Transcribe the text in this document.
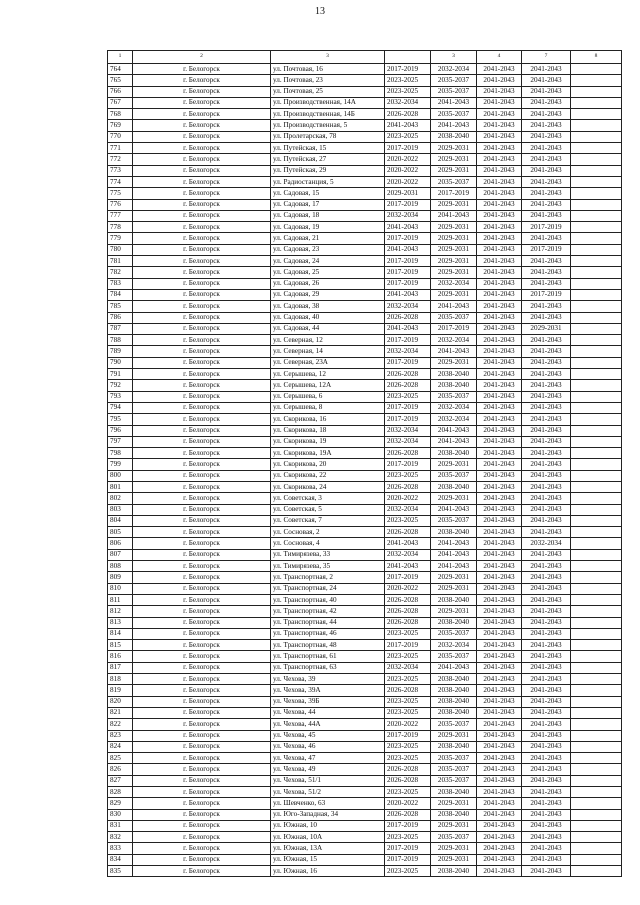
13
1	2	3		3	4	7	8
764	г. Белогорск	ул. Почтовая, 16	2017-2019	2032-2034	2041-2043	2041-2043	
765	г. Белогорск	ул. Почтовая, 23	2023-2025	2035-2037	2041-2043	2041-2043	
766	г. Белогорск	ул. Почтовая, 25	2023-2025	2035-2037	2041-2043	2041-2043	
767	г. Белогорск	ул. Производственная, 14А	2032-2034	2041-2043	2041-2043	2041-2043	
768	г. Белогорск	ул. Производственная, 14Б	2026-2028	2035-2037	2041-2043	2041-2043	
769	г. Белогорск	ул. Производственная, 5	2041-2043	2041-2043	2041-2043	2041-2043	
770	г. Белогорск	ул. Пролетарская, 78	2023-2025	2038-2040	2041-2043	2041-2043	
771	г. Белогорск	ул. Путейская, 15	2017-2019	2029-2031	2041-2043	2041-2043	
772	г. Белогорск	ул. Путейская, 27	2020-2022	2029-2031	2041-2043	2041-2043	
773	г. Белогорск	ул. Путейская, 29	2020-2022	2029-2031	2041-2043	2041-2043	
774	г. Белогорск	ул. Радиостанция, 5	2020-2022	2035-2037	2041-2043	2041-2043	
775	г. Белогорск	ул. Садовая, 15	2029-2031	2017-2019	2041-2043	2041-2043	
776	г. Белогорск	ул. Садовая, 17	2017-2019	2029-2031	2041-2043	2041-2043	
777	г. Белогорск	ул. Садовая, 18	2032-2034	2041-2043	2041-2043	2041-2043	
778	г. Белогорск	ул. Садовая, 19	2041-2043	2029-2031	2041-2043	2017-2019	
779	г. Белогорск	ул. Садовая, 21	2017-2019	2029-2031	2041-2043	2041-2043	
780	г. Белогорск	ул. Садовая, 23	2041-2043	2029-2031	2041-2043	2017-2019	
781	г. Белогорск	ул. Садовая, 24	2017-2019	2029-2031	2041-2043	2041-2043	
782	г. Белогорск	ул. Садовая, 25	2017-2019	2029-2031	2041-2043	2041-2043	
783	г. Белогорск	ул. Садовая, 26	2017-2019	2032-2034	2041-2043	2041-2043	
784	г. Белогорск	ул. Садовая, 29	2041-2043	2029-2031	2041-2043	2017-2019	
785	г. Белогорск	ул. Садовая, 38	2032-2034	2041-2043	2041-2043	2041-2043	
786	г. Белогорск	ул. Садовая, 40	2026-2028	2035-2037	2041-2043	2041-2043	
787	г. Белогорск	ул. Садовая, 44	2041-2043	2017-2019	2041-2043	2029-2031	
788	г. Белогорск	ул. Северная, 12	2017-2019	2032-2034	2041-2043	2041-2043	
789	г. Белогорск	ул. Северная, 14	2032-2034	2041-2043	2041-2043	2041-2043	
790	г. Белогорск	ул. Северная, 23А	2017-2019	2029-2031	2041-2043	2041-2043	
791	г. Белогорск	ул. Серышева, 12	2026-2028	2038-2040	2041-2043	2041-2043	
792	г. Белогорск	ул. Серышева, 12А	2026-2028	2038-2040	2041-2043	2041-2043	
793	г. Белогорск	ул. Серышева, 6	2023-2025	2035-2037	2041-2043	2041-2043	
794	г. Белогорск	ул. Серышева, 8	2017-2019	2032-2034	2041-2043	2041-2043	
795	г. Белогорск	ул. Скорикова, 16	2017-2019	2032-2034	2041-2043	2041-2043	
796	г. Белогорск	ул. Скорикова, 18	2032-2034	2041-2043	2041-2043	2041-2043	
797	г. Белогорск	ул. Скорикова, 19	2032-2034	2041-2043	2041-2043	2041-2043	
798	г. Белогорск	ул. Скорикова, 19А	2026-2028	2038-2040	2041-2043	2041-2043	
799	г. Белогорск	ул. Скорикова, 20	2017-2019	2029-2031	2041-2043	2041-2043	
800	г. Белогорск	ул. Скорикова, 22	2023-2025	2035-2037	2041-2043	2041-2043	
801	г. Белогорск	ул. Скорикова, 24	2026-2028	2038-2040	2041-2043	2041-2043	
802	г. Белогорск	ул. Советская, 3	2020-2022	2029-2031	2041-2043	2041-2043	
803	г. Белогорск	ул. Советская, 5	2032-2034	2041-2043	2041-2043	2041-2043	
804	г. Белогорск	ул. Советская, 7	2023-2025	2035-2037	2041-2043	2041-2043	
805	г. Белогорск	ул. Сосновая, 2	2026-2028	2038-2040	2041-2043	2041-2043	
806	г. Белогорск	ул. Сосновая, 4	2041-2043	2041-2043	2041-2043	2032-2034	
807	г. Белогорск	ул. Тимирязева, 33	2032-2034	2041-2043	2041-2043	2041-2043	
808	г. Белогорск	ул. Тимирязева, 35	2041-2043	2041-2043	2041-2043	2041-2043	
809	г. Белогорск	ул. Транспортная, 2	2017-2019	2029-2031	2041-2043	2041-2043	
810	г. Белогорск	ул. Транспортная, 24	2020-2022	2029-2031	2041-2043	2041-2043	
811	г. Белогорск	ул. Транспортная, 40	2026-2028	2038-2040	2041-2043	2041-2043	
812	г. Белогорск	ул. Транспортная, 42	2026-2028	2029-2031	2041-2043	2041-2043	
813	г. Белогорск	ул. Транспортная, 44	2026-2028	2038-2040	2041-2043	2041-2043	
814	г. Белогорск	ул. Транспортная, 46	2023-2025	2035-2037	2041-2043	2041-2043	
815	г. Белогорск	ул. Транспортная, 48	2017-2019	2032-2034	2041-2043	2041-2043	
816	г. Белогорск	ул. Транспортная, 61	2023-2025	2035-2037	2041-2043	2041-2043	
817	г. Белогорск	ул. Транспортная, 63	2032-2034	2041-2043	2041-2043	2041-2043	
818	г. Белогорск	ул. Чехова, 39	2023-2025	2038-2040	2041-2043	2041-2043	
819	г. Белогорск	ул. Чехова, 39А	2026-2028	2038-2040	2041-2043	2041-2043	
820	г. Белогорск	ул. Чехова, 39Б	2023-2025	2038-2040	2041-2043	2041-2043	
821	г. Белогорск	ул. Чехова, 44	2023-2025	2038-2040	2041-2043	2041-2043	
822	г. Белогорск	ул. Чехова, 44А	2020-2022	2035-2037	2041-2043	2041-2043	
823	г. Белогорск	ул. Чехова, 45	2017-2019	2029-2031	2041-2043	2041-2043	
824	г. Белогорск	ул. Чехова, 46	2023-2025	2038-2040	2041-2043	2041-2043	
825	г. Белогорск	ул. Чехова, 47	2023-2025	2035-2037	2041-2043	2041-2043	
826	г. Белогорск	ул. Чехова, 49	2026-2028	2035-2037	2041-2043	2041-2043	
827	г. Белогорск	ул. Чехова, 51/1	2026-2028	2035-2037	2041-2043	2041-2043	
828	г. Белогорск	ул. Чехова, 51/2	2023-2025	2038-2040	2041-2043	2041-2043	
829	г. Белогорск	ул. Шевченко, 63	2020-2022	2029-2031	2041-2043	2041-2043	
830	г. Белогорск	ул. Юго-Западная, 34	2026-2028	2038-2040	2041-2043	2041-2043	
831	г. Белогорск	ул. Южная, 10	2017-2019	2029-2031	2041-2043	2041-2043	
832	г. Белогорск	ул. Южная, 10А	2023-2025	2035-2037	2041-2043	2041-2043	
833	г. Белогорск	ул. Южная, 13А	2017-2019	2029-2031	2041-2043	2041-2043	
834	г. Белогорск	ул. Южная, 15	2017-2019	2029-2031	2041-2043	2041-2043	
835	г. Белогорск	ул. Южная, 16	2023-2025	2038-2040	2041-2043	2041-2043	
